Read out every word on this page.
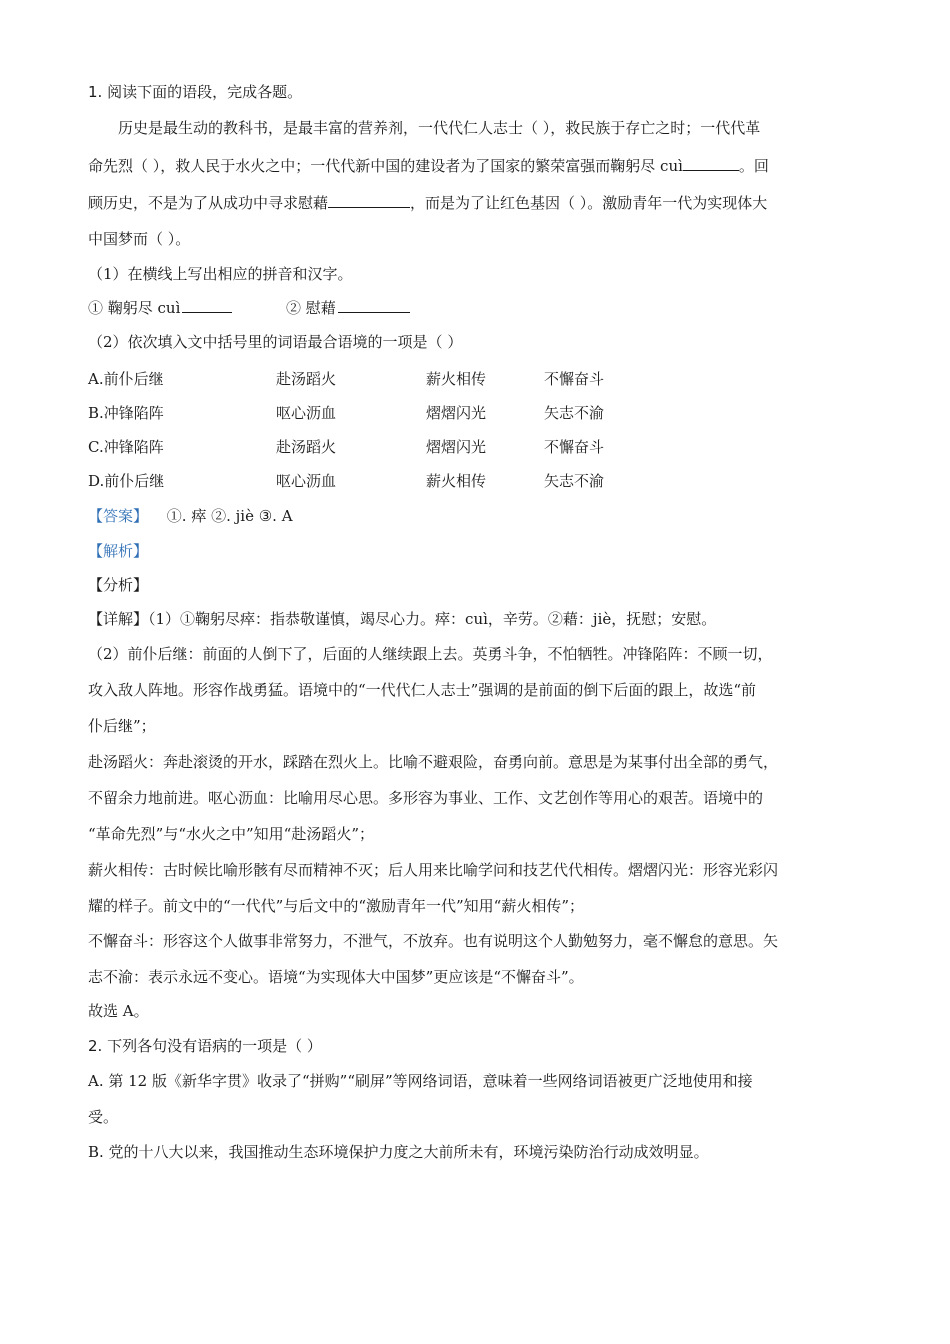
1. 阅读下面的语段，完成各题。
历史是最生动的教科书，是最丰富的营养剂，一代代仁人志士（ ），救民族于存亡之时；一代代革
命先烈（ ），救人民于水火之中；一代代新中国的建设者为了国家的繁荣富强而鞠躬尽 cuì	。回
顾历史，不是为了从成功中寻求慰藉	，而是为了让红色基因（ ）。激励青年一代为实现体大
中国梦而（ ）。
（1）在横线上写出相应的拼音和汉字。
① 鞠躬尽 cuì	② 慰藉
（2）依次填入文中括号里的词语最合语境的一项是（ ）
A.前仆后继	赴汤蹈火	薪火相传	不懈奋斗
B.冲锋陷阵	呕心沥血	熠熠闪光	矢志不渝
C.冲锋陷阵	赴汤蹈火	熠熠闪光	不懈奋斗
D.前仆后继	呕心沥血	薪火相传	矢志不渝
【答案】 ①. 瘁 ②. jiè ③. A
【解析】
【分析】
【详解】（1）①鞠躬尽瘁：指恭敬谨慎，竭尽心力。瘁：cuì，辛劳。②藉：jiè，抚慰；安慰。
（2）前仆后继：前面的人倒下了，后面的人继续跟上去。英勇斗争，不怕牺牲。冲锋陷阵：不顾一切，
攻入敌人阵地。形容作战勇猛。语境中的“一代代仁人志士”强调的是前面的倒下后面的跟上，故选“前
仆后继”；
赴汤蹈火：奔赴滚烫的开水，踩踏在烈火上。比喻不避艰险，奋勇向前。意思是为某事付出全部的勇气，
不留余力地前进。呕心沥血：比喻用尽心思。多形容为事业、工作、文艺创作等用心的艰苦。语境中的
“革命先烈”与“水火之中”知用“赴汤蹈火”；
薪火相传：古时候比喻形骸有尽而精神不灭；后人用来比喻学问和技艺代代相传。熠熠闪光：形容光彩闪
耀的样子。前文中的“一代代”与后文中的“激励青年一代”知用“薪火相传”；
不懈奋斗：形容这个人做事非常努力，不泄气，不放弃。也有说明这个人勤勉努力，毫不懈怠的意思。矢
志不渝：表示永远不变心。语境“为实现体大中国梦”更应该是“不懈奋斗”。
故选 A。
2. 下列各句没有语病的一项是（ ）
A. 第 12 版《新华字贯》收录了“拼购”“刷屏”等网络词语，意味着一些网络词语被更广泛地使用和接
受。
B. 党的十八大以来，我国推动生态环境保护力度之大前所未有，环境污染防治行动成效明显。
